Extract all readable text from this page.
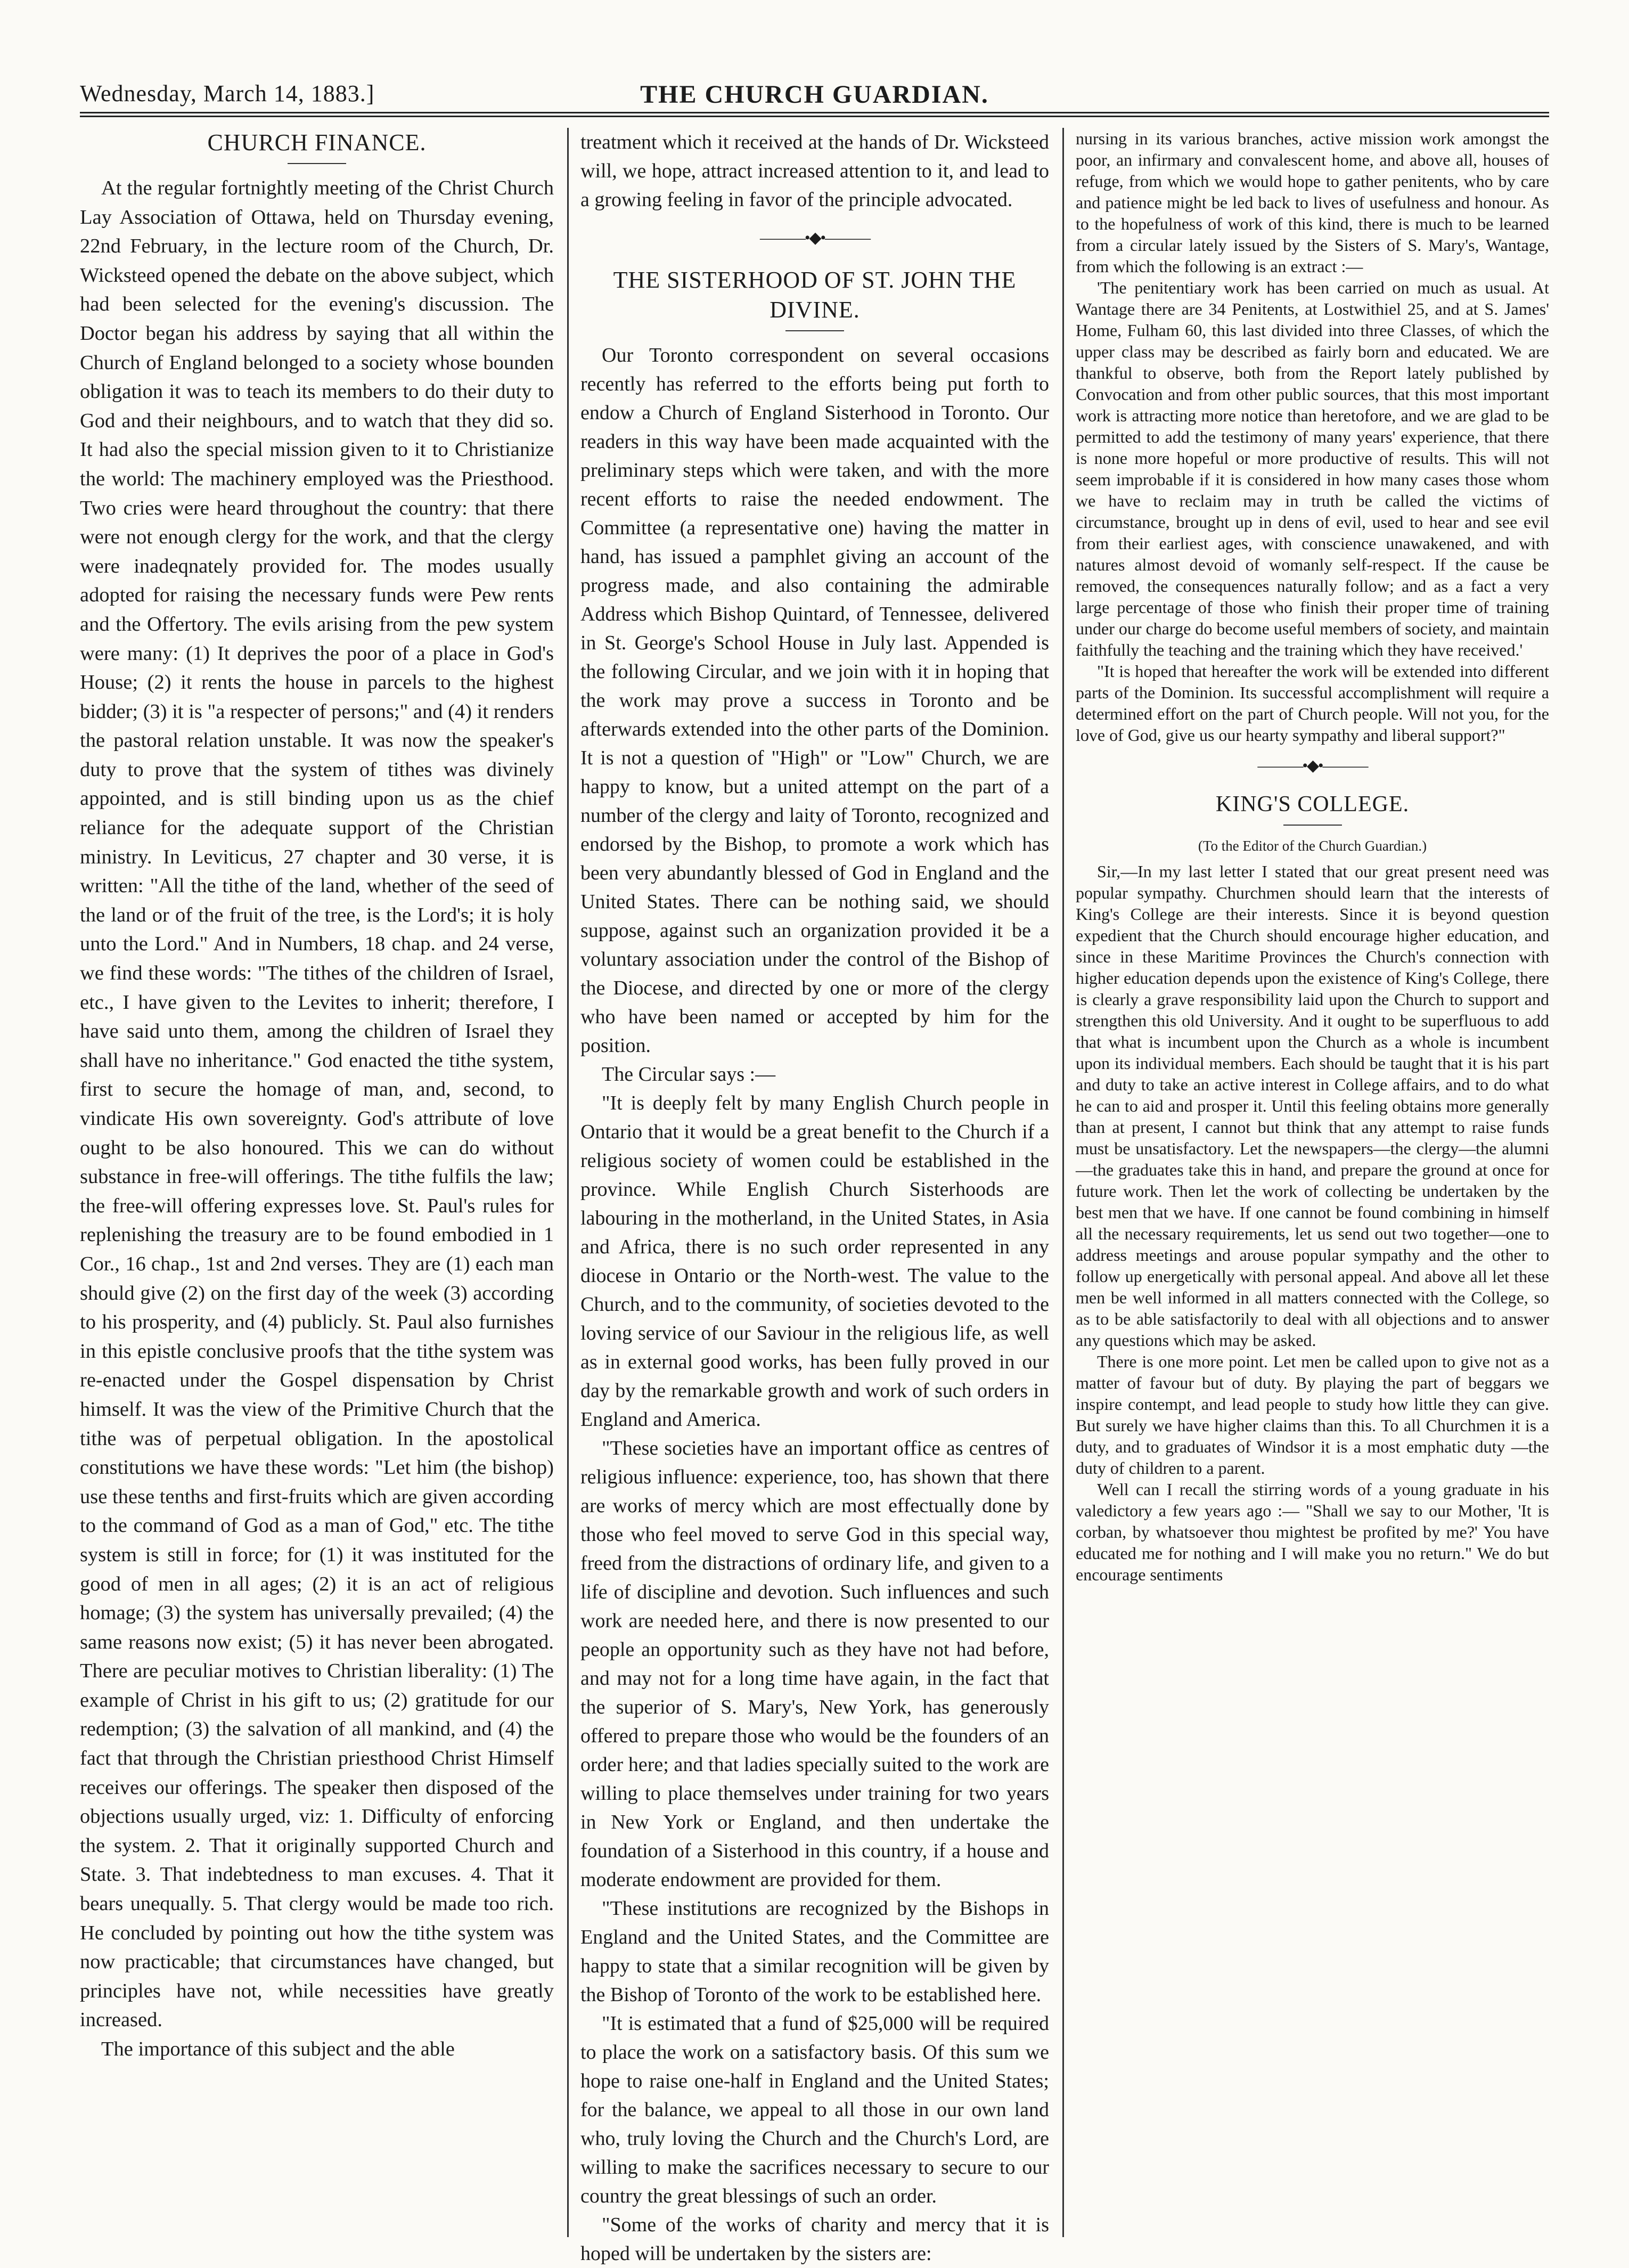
Wednesday, March 14, 1883.]	THE CHURCH GUARDIAN.
CHURCH FINANCE.

At the regular fortnightly meeting of the Christ Church Lay Association of Ottawa, held on Thursday evening, 22nd February, in the lecture room of the Church, Dr. Wicksteed opened the debate on the above subject, which had been selected for the evening's discussion. The Doctor began his address by saying that all within the Church of England belonged to a society whose bounden obligation it was to teach its members to do their duty to God and their neighbours, and to watch that they did so. It had also the special mission given to it to Christianize the world: The machinery employed was the Priesthood. Two cries were heard throughout the country: that there were not enough clergy for the work, and that the clergy were inadeqnately provided for. The modes usually adopted for raising the necessary funds were Pew rents and the Offertory. The evils arising from the pew system were many: (1) It deprives the poor of a place in God's House; (2) it rents the house in parcels to the highest bidder; (3) it is "a respecter of persons;" and (4) it renders the pastoral relation unstable. It was now the speaker's duty to prove that the system of tithes was divinely appointed, and is still binding upon us as the chief reliance for the adequate support of the Christian ministry. In Leviticus, 27 chapter and 30 verse, it is written: "All the tithe of the land, whether of the seed of the land or of the fruit of the tree, is the Lord's; it is holy unto the Lord." And in Numbers, 18 chap. and 24 verse, we find these words: "The tithes of the children of Israel, etc., I have given to the Levites to inherit; therefore, I have said unto them, among the children of Israel they shall have no inheritance." God enacted the tithe system, first to secure the homage of man, and, second, to vindicate His own sovereignty. God's attribute of love ought to be also honoured. This we can do without substance in free-will offerings. The tithe fulfils the law; the free-will offering expresses love. St. Paul's rules for replenishing the treasury are to be found embodied in 1 Cor., 16 chap., 1st and 2nd verses. They are (1) each man should give (2) on the first day of the week (3) according to his prosperity, and (4) publicly. St. Paul also furnishes in this epistle conclusive proofs that the tithe system was re-enacted under the Gospel dispensation by Christ himself. It was the view of the Primitive Church that the tithe was of perpetual obligation. In the apostolical constitutions we have these words: "Let him (the bishop) use these tenths and first-fruits which are given according to the command of God as a man of God," etc. The tithe system is still in force; for (1) it was instituted for the good of men in all ages; (2) it is an act of religious homage; (3) the system has universally prevailed; (4) the same reasons now exist; (5) it has never been abrogated. There are peculiar motives to Christian liberality: (1) The example of Christ in his gift to us; (2) gratitude for our redemption; (3) the salvation of all mankind, and (4) the fact that through the Christian priesthood Christ Himself receives our offerings. The speaker then disposed of the objections usually urged, viz: 1. Difficulty of enforcing the system. 2. That it originally supported Church and State. 3. That indebtedness to man excuses. 4. That it bears unequally. 5. That clergy would be made too rich. He concluded by pointing out how the tithe system was now practicable; that circumstances have changed, but principles have not, while necessities have greatly increased.

The importance of this subject and the able

treatment which it received at the hands of Dr. Wicksteed will, we hope, attract increased attention to it, and lead to a growing feeling in favor of the principle advocated.

———•◆•———
THE SISTERHOOD OF ST. JOHN THE DIVINE.

Our Toronto correspondent on several occasions recently has referred to the efforts being put forth to endow a Church of England Sisterhood in Toronto. Our readers in this way have been made acquainted with the preliminary steps which were taken, and with the more recent efforts to raise the needed endowment. The Committee (a representative one) having the matter in hand, has issued a pamphlet giving an account of the progress made, and also containing the admirable Address which Bishop Quintard, of Tennessee, delivered in St. George's School House in July last. Appended is the following Circular, and we join with it in hoping that the work may prove a success in Toronto and be afterwards extended into the other parts of the Dominion. It is not a question of "High" or "Low" Church, we are happy to know, but a united attempt on the part of a number of the clergy and laity of Toronto, recognized and endorsed by the Bishop, to promote a work which has been very abundantly blessed of God in England and the United States. There can be nothing said, we should suppose, against such an organization provided it be a voluntary association under the control of the Bishop of the Diocese, and directed by one or more of the clergy who have been named or accepted by him for the position.

The Circular says :—

"It is deeply felt by many English Church people in Ontario that it would be a great benefit to the Church if a religious society of women could be established in the province. While English Church Sisterhoods are labouring in the motherland, in the United States, in Asia and Africa, there is no such order represented in any diocese in Ontario or the North-west. The value to the Church, and to the community, of societies devoted to the loving service of our Saviour in the religious life, as well as in external good works, has been fully proved in our day by the remarkable growth and work of such orders in England and America.

"These societies have an important office as centres of religious influence: experience, too, has shown that there are works of mercy which are most effectually done by those who feel moved to serve God in this special way, freed from the distractions of ordinary life, and given to a life of discipline and devotion. Such influences and such work are needed here, and there is now presented to our people an opportunity such as they have not had before, and may not for a long time have again, in the fact that the superior of S. Mary's, New York, has generously offered to prepare those who would be the founders of an order here; and that ladies specially suited to the work are willing to place themselves under training for two years in New York or England, and then undertake the foundation of a Sisterhood in this country, if a house and moderate endowment are provided for them.

"These institutions are recognized by the Bishops in England and the United States, and the Committee are happy to state that a similar recognition will be given by the Bishop of Toronto of the work to be established here.

"It is estimated that a fund of $25,000 will be required to place the work on a satisfactory basis. Of this sum we hope to raise one-half in England and the United States; for the balance, we appeal to all those in our own land who, truly loving the Church and the Church's Lord, are willing to make the sacrifices necessary to secure to our country the great blessings of such an order.

"Some of the works of charity and mercy that it is hoped will be undertaken by the sisters are:

nursing in its various branches, active mission work amongst the poor, an infirmary and convalescent home, and above all, houses of refuge, from which we would hope to gather penitents, who by care and patience might be led back to lives of usefulness and honour. As to the hopefulness of work of this kind, there is much to be learned from a circular lately issued by the Sisters of S. Mary's, Wantage, from which the following is an extract :—

'The penitentiary work has been carried on much as usual. At Wantage there are 34 Penitents, at Lostwithiel 25, and at S. James' Home, Fulham 60, this last divided into three Classes, of which the upper class may be described as fairly born and educated. We are thankful to observe, both from the Report lately published by Convocation and from other public sources, that this most important work is attracting more notice than heretofore, and we are glad to be permitted to add the testimony of many years' experience, that there is none more hopeful or more productive of results. This will not seem improbable if it is considered in how many cases those whom we have to reclaim may in truth be called the victims of circumstance, brought up in dens of evil, used to hear and see evil from their earliest ages, with conscience unawakened, and with natures almost devoid of womanly self-respect. If the cause be removed, the consequences naturally follow; and as a fact a very large percentage of those who finish their proper time of training under our charge do become useful members of society, and maintain faithfully the teaching and the training which they have received.'

"It is hoped that hereafter the work will be extended into different parts of the Dominion. Its successful accomplishment will require a determined effort on the part of Church people. Will not you, for the love of God, give us our hearty sympathy and liberal support?"

———•◆•———
KING'S COLLEGE.
(To the Editor of the Church Guardian.)

Sir,—In my last letter I stated that our great present need was popular sympathy. Churchmen should learn that the interests of King's College are their interests. Since it is beyond question expedient that the Church should encourage higher education, and since in these Maritime Provinces the Church's connection with higher education depends upon the existence of King's College, there is clearly a grave responsibility laid upon the Church to support and strengthen this old University. And it ought to be superfluous to add that what is incumbent upon the Church as a whole is incumbent upon its individual members. Each should be taught that it is his part and duty to take an active interest in College affairs, and to do what he can to aid and prosper it. Until this feeling obtains more generally than at present, I cannot but think that any attempt to raise funds must be unsatisfactory. Let the newspapers—the clergy—the alumni—the graduates take this in hand, and prepare the ground at once for future work. Then let the work of collecting be undertaken by the best men that we have. If one cannot be found combining in himself all the necessary requirements, let us send out two together—one to address meetings and arouse popular sympathy and the other to follow up energetically with personal appeal. And above all let these men be well informed in all matters connected with the College, so as to be able satisfactorily to deal with all objections and to answer any questions which may be asked.

There is one more point. Let men be called upon to give not as a matter of favour but of duty. By playing the part of beggars we inspire contempt, and lead people to study how little they can give. But surely we have higher claims than this. To all Churchmen it is a duty, and to graduates of Windsor it is a most emphatic duty —the duty of children to a parent.

Well can I recall the stirring words of a young graduate in his valedictory a few years ago :— "Shall we say to our Mother, 'It is corban, by whatsoever thou mightest be profited by me?' You have educated me for nothing and I will make you no return." We do but encourage sentiments
